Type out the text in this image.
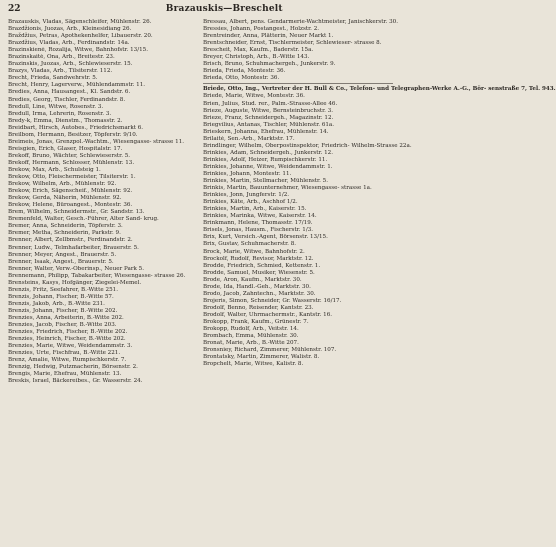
22	Brazauskis—Breschelt
Brazauskis, Vladas, Sägenschleifer, Mühlenstr. 26.
Brazdžionis, Juozas, Arb., Kleinesidiang 26.
Braždžius, Petras, Apothekenhelfer, Libauerstr. 20.
Brazdžius, Vladas, Arb., Ferdinandstr. 14a.
Brazinskienė, Rozalija, Witwe, Bahnhofstr. 13/15.
Brazinskaitė, Ona, Arb., Breitestr. 23.
Brazinskis, Juozas, Arb., Schlewieserstr. 15.
Brazys, Vladas, Arb., Tilsiterstr. 112.
Brecht, Frieda, Sandwehrstr. 5.
Brecht, Henry, Lagerverw., Mühlendammstr. 11.
Bredies, Anna, Hausangest., Kl. Sandstr. 6.
Bredies, Georg, Tischler, Ferdinandstr. 8.
Bredull, Line, Witwe, Rosenstr. 3.
Bredull, Irma, Lehrerin, Rosenstr. 3.
Bredy-k, Emma, Dienstm., Thomasstr. 2.
Breidbart, Hirsch, Autobes., Friedrichsmarkt 6.
Breilbom, Hermann, Besitzer, Töpferstr. 9/10.
Breimeis, Jonas, Grenzpol.-Wachtm., Wiesengasse- strasse 11.
Breisgien, Erich, Glaser, Hospitalstr. 17.
Brekoff, Bruno, Wächter, Schlewieserstr. 5.
Brekoff, Hermann, Schlosser, Mühlenstr. 13.
Brekow, Max, Arb., Schulsteig 1.
Brekow, Otto, Fleischermeister, Tilsiterstr. 1.
Brekow, Wilhelm, Arb., Mühlenstr. 92.
Brekow, Erich, Sägenscheif., Mühlenstr. 92.
Brekow, Gerda, Näherin, Mühlenstr. 92.
Brekow, Helene, Büroangest., Montestr. 36.
Brem, Wilhelm, Schneidermstr., Gr. Sandstr. 13.
Bremenfeld, Walter, Gesch.-Führer, Alter Sand- krug.
Bremer, Anna, Schneiderin, Töpferstr. 3.
Bremer, Metha, Schneiderin, Parkstr. 9.
Brenner, Albert, Zellbmstr., Ferdinandstr. 2.
Brenner, Ludw., Telmhafarbeiter, Brauerstr. 5.
Brenner, Meyer, Angest., Brauerstr. 5.
Brenner, Isaak, Angest., Brauerstr. 5.
Brenner, Walter, Verw.-Oberinsp., Neuer Park 5.
Brennemann, Philipp, Tabakarbeiter, Wiesengasse- strasse 26.
Brensteins, Kasys, Hofgänger, Ziegelei-Memel.
Brenzis, Fritz, Seefahrer, B.-Witte 251.
Brenzis, Johann, Fischer, B.-Witte 57.
Brenzis, Jakob, Arb., B.-Witte 231.
Brenzis, Johann, Fischer, B.-Witte 202.
Brenzies, Anna, Arbeiterin, B.-Witte 202.
Brenzies, Jacob, Fischer, B.-Witte 203.
Brenzies, Friedrich, Fischer, B.-Witte 202.
Brenzies, Heinrich, Fischer, B.-Witte 202.
Brenzies, Marie, Witwe, Weidendammstr. 3.
Brenzies, Urte, Fischfrau, B.-Witte 221.
Brenz, Amalie, Witwe, Rumpischkerstr. 7.
Brenzig, Hedwig, Putzmacherin, Börsenstr. 2.
Brengis, Marie, Ehefrau, Mühlenstr. 13.
Breskis, Israel, Bäckereibes., Gr. Wasserstr. 24.
Bressau, Albert, pens. Gendarmerie-Wachtmeister, Janischkerstr. 30.
Bressies, Johann, Postangest., Holzstr. 2.
Brentreinder, Anna, Plätterin, Neuer Markt 1.
Brentschneider, Ernst, Tischlermeister, Schlewieser- strasse 8.
Brescheit, Max, Kaufm., Baderstr. 15a.
Breyer, Christoph, Arb., B.-Witte 143.
Brisch, Bruno, Schuhmachergeh., Junkerstr. 9.
Brieda, Frieda, Montestr. 36.
Brieda, Otto, Montestr. 36.
Briede, Otto, Ing., Vertreter der H. Bull & Co., Telefon- und Telegraphen-Werke A.-G., Bör- senstraße 7, Tel. 943.
Briede, Marie, Witwe, Montestr. 36.
Brien, Julius, Stud. rer., Palm.-Strasse-Allee 46.
Brieze, Auguste, Witwe, Bernsteinbruchstr. 3.
Brieze, Franz, Schneidergeh., Magazinstr. 12.
Briegvilius, Antanas, Tischler, Mühlenstr. 61a.
Brieskern, Johanna, Ehefrau, Mühlenstr. 14.
Brilaitė, Sen.-Arb., Marktstr. 17.
Brindlinger, Wilhelm, Oberpostinspektor, Friedrich- Wilhelm-Strasse 22a.
Brinkies, Adam, Schneidergeh., Junkerstr. 12.
Brinkies, Adolf, Heizer, Rumpischkerstr. 11.
Brinkies, Johanne, Witwe, Weidendammstr. 1.
Brinkies, Johann, Montestr. 11.
Brinkies, Martin, Stellmacher, Mühlenstr. 5.
Brinkis, Martin, Bauunternehmer, Wiesengasse- strasse 1a.
Brinkies, Jonn, Jungferstr. 1/2.
Brinkies, Käte, Arb., Aschhof 1/2.
Brinkies, Martin, Arb., Kaiserstr. 15.
Brinkies, Marinka, Witwe, Kaiserstr. 14.
Brinkmann, Helene, Thomasstr. 17/19.
Brisels, Jonas, Hausm., Fischerstr. 1/3.
Brix, Kurt, Versich.-Agent, Börsenstr. 13/15.
Brix, Gustav, Schuhmacherstr. 8.
Brock, Marie, Witwe, Bahnhofstr. 2.
Brockolf, Rudolf, Revisor, Marktstr. 12.
Brodde, Friedrich, Schmied, Kettenstr. 1.
Brodde, Samuel, Musiker, Wiesenstr. 5.
Brode, Aron, Kaufm., Marktstr. 30.
Brode, Ida, Handl.-Geh., Marktstr. 30.
Brodo, Jacob, Zahntechn., Marktstr. 30.
Brojeris, Simon, Schneider, Gr. Wasserstr. 16/17.
Brodolf, Benno, Reisender, Kantstr. 23.
Brodolf, Walter, Uhrmachermstr., Kantstr. 16.
Brokopp, Frank, Kaufm., Grünestr. 7.
Brokopp, Rudolf, Arb., Veitstr. 14.
Brombach, Emma, Mühlenstr. 30.
Bronat, Marie, Arb., B.-Witte 207.
Bronsniey, Richard, Zimmerer, Mühlenstr. 107.
Brontatsky, Martin, Zimmerer, Walistr. 8.
Bropchelt, Marie, Witwe, Kalistr. 8.
